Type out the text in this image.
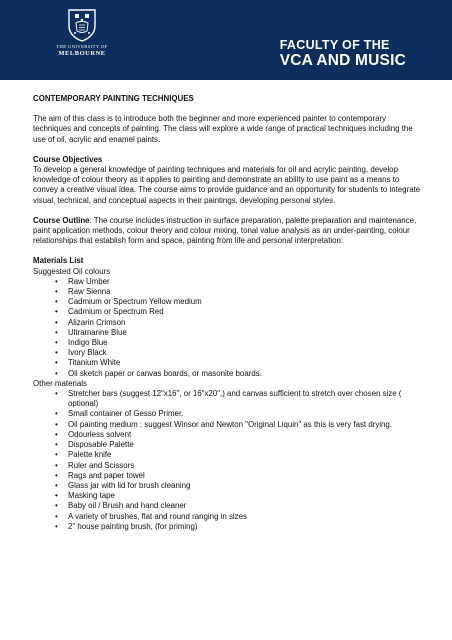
THE UNIVERSITY OF
MELBOURNE
FACULTY OF THE
VCA AND MUSIC
CONTEMPORARY PAINTING TECHNIQUES

The aim of this class is to introduce both the beginner and more experienced painter to contemporary techniques and concepts of painting. The class will explore a wide range of practical techniques including the use of oil, acrylic and enamel paints.

Course Objectives
To develop a general knowledge of painting techniques and materials for oil and acrylic painting, develop knowledge of colour theory as it applies to painting and demonstrate an ability to use paint as a means to convey a creative visual idea. The course aims to provide guidance and an opportunity for students to integrate visual, technical, and conceptual aspects in their paintings, developing personal styles.

Course Outline: The course includes instruction in surface preparation, palette preparation and maintenance, paint application methods, colour theory and colour mixing, tonal value analysis as an under-painting, colour relationships that establish form and space, painting from life and personal interpretation.

Materials List
Suggested Oil colours
• Raw Umber
• Raw Sienna
• Cadmium or Spectrum Yellow medium
• Cadmium or Spectrum Red
• Alizarin Crimson
• Ultramarine Blue
• Indigo Blue
• Ivory Black
• Titanium White
• Oil sketch paper or canvas boards, or masonite boards.
Other materials
• Stretcher bars (suggest 12"x16", or 16"x20",) and canvas sufficient to stretch over chosen size ( optional)
• Small container of Gesso Primer.
• Oil painting medium ; suggest Winsor and Newton "Original Liquin" as this is very fast drying.
• Odourless solvent
• Disposable Palette
• Palette knife
• Ruler and Scissors
• Rags and paper towel
• Glass jar with lid for brush cleaning
• Masking tape
• Baby oil / Brush and hand cleaner
• A variety of brushes, flat and round ranging in sizes
• 2" house painting brush, (for priming)
